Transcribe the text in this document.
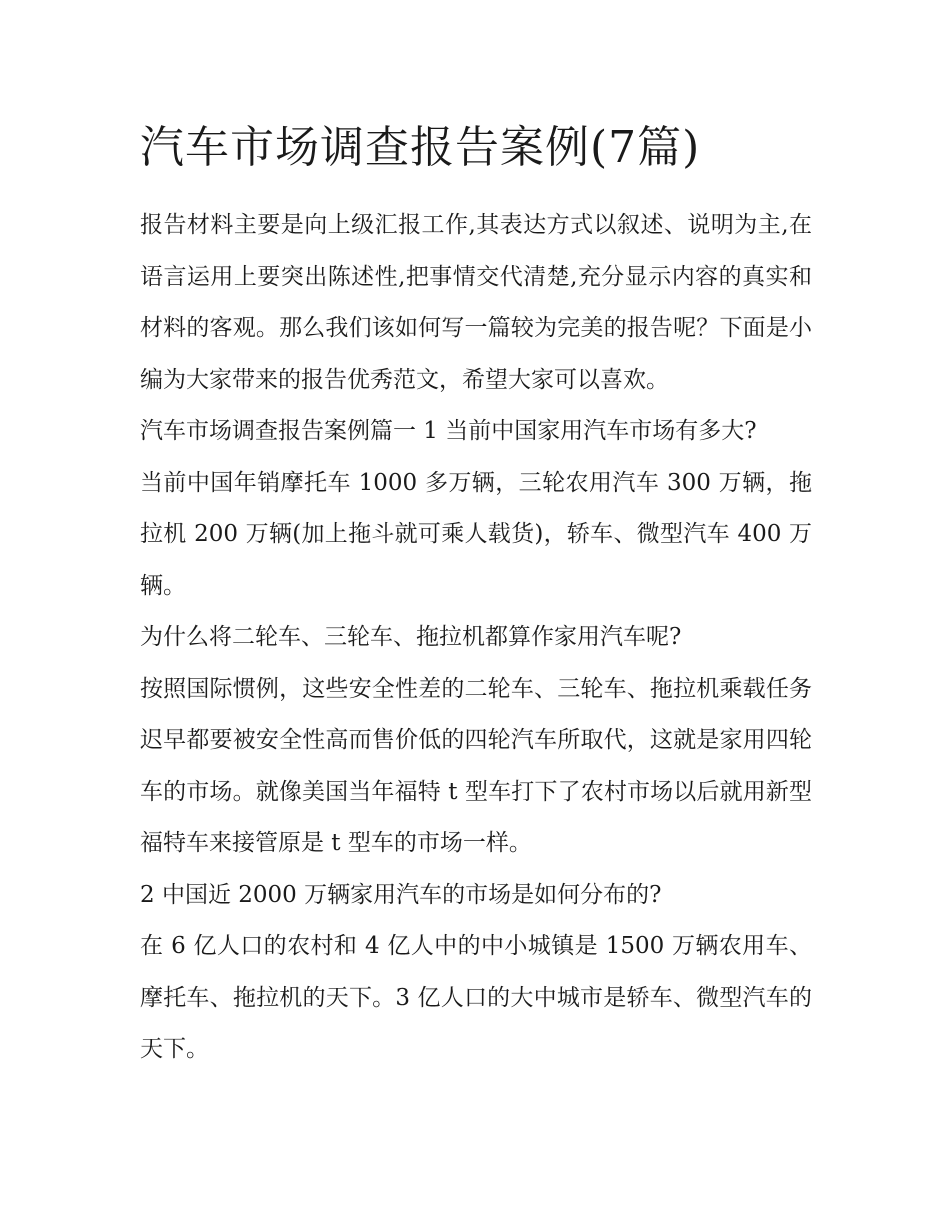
汽车市场调查报告案例(7篇)

报告材料主要是向上级汇报工作,其表达方式以叙述、说明为主,在语言运用上要突出陈述性,把事情交代清楚,充分显示内容的真实和材料的客观。那么我们该如何写一篇较为完美的报告呢？下面是小编为大家带来的报告优秀范文，希望大家可以喜欢。

汽车市场调查报告案例篇一 1 当前中国家用汽车市场有多大?

当前中国年销摩托车 1000 多万辆，三轮农用汽车 300 万辆，拖拉机 200 万辆(加上拖斗就可乘人载货)，轿车、微型汽车 400 万辆。

为什么将二轮车、三轮车、拖拉机都算作家用汽车呢?

按照国际惯例，这些安全性差的二轮车、三轮车、拖拉机乘载任务迟早都要被安全性高而售价低的四轮汽车所取代，这就是家用四轮车的市场。就像美国当年福特 t 型车打下了农村市场以后就用新型福特车来接管原是 t 型车的市场一样。

2 中国近 2000 万辆家用汽车的市场是如何分布的?

在 6 亿人口的农村和 4 亿人中的中小城镇是 1500 万辆农用车、摩托车、拖拉机的天下。3 亿人口的大中城市是轿车、微型汽车的天下。
